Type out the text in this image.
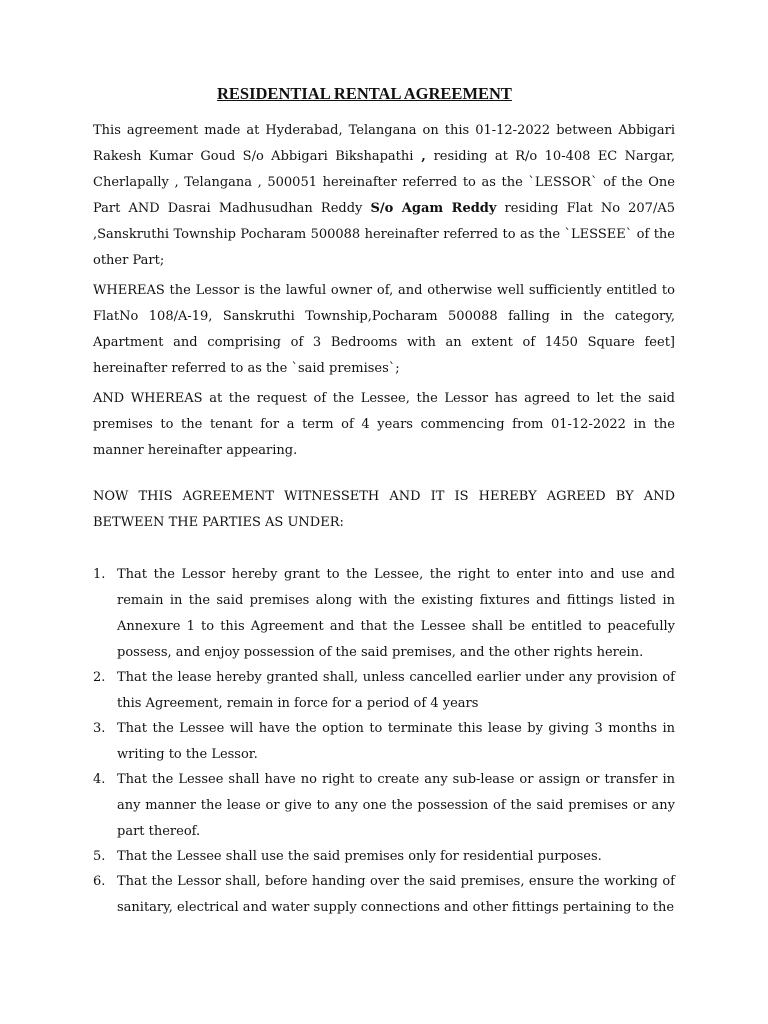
RESIDENTIAL RENTAL AGREEMENT

This agreement made at Hyderabad, Telangana on this 01-12-2022 between Abbigari Rakesh Kumar Goud S/o Abbigari Bikshapathi , residing at R/o 10-408 EC Nargar, Cherlapally , Telangana , 500051 hereinafter referred to as the `LESSOR` of the One Part AND Dasrai Madhusudhan Reddy S/o Agam Reddy residing Flat No 207/A5 ,Sanskruthi Township Pocharam 500088 hereinafter referred to as the `LESSEE` of the other Part;

WHEREAS the Lessor is the lawful owner of, and otherwise well sufficiently entitled to FlatNo 108/A-19, Sanskruthi Township,Pocharam 500088 falling in the category, Apartment and comprising of 3 Bedrooms with an extent of 1450 Square feet] hereinafter referred to as the `said premises`;

AND WHEREAS at the request of the Lessee, the Lessor has agreed to let the said premises to the tenant for a term of 4 years commencing from 01-12-2022 in the manner hereinafter appearing.

NOW THIS AGREEMENT WITNESSETH AND IT IS HEREBY AGREED BY AND BETWEEN THE PARTIES AS UNDER:

1. That the Lessor hereby grant to the Lessee, the right to enter into and use and remain in the said premises along with the existing fixtures and fittings listed in Annexure 1 to this Agreement and that the Lessee shall be entitled to peacefully possess, and enjoy possession of the said premises, and the other rights herein.
2. That the lease hereby granted shall, unless cancelled earlier under any provision of this Agreement, remain in force for a period of 4 years
3. That the Lessee will have the option to terminate this lease by giving 3 months in writing to the Lessor.
4. That the Lessee shall have no right to create any sub-lease or assign or transfer in any manner the lease or give to any one the possession of the said premises or any part thereof.
5. That the Lessee shall use the said premises only for residential purposes.
6. That the Lessor shall, before handing over the said premises, ensure the working of sanitary, electrical and water supply connections and other fittings pertaining to the
